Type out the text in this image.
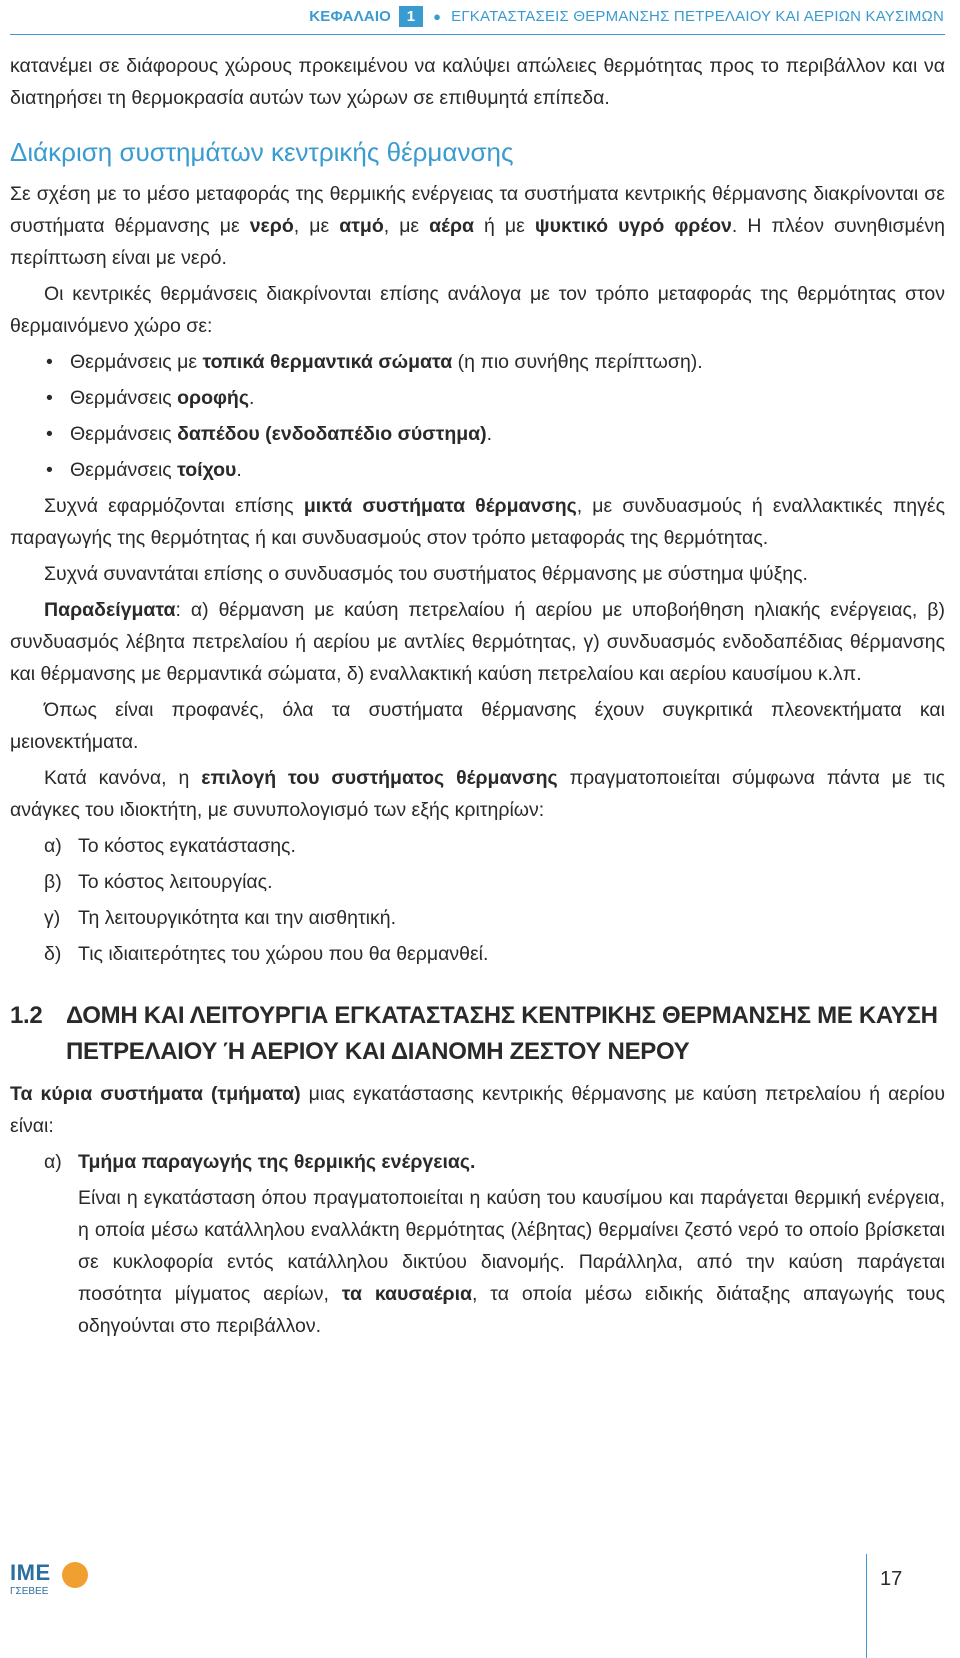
ΚΕΦΑΛΑΙΟ	1	● ΕΓΚΑΤΑΣΤΑΣΕΙΣ ΘΕΡΜΑΝΣΗΣ ΠΕΤΡΕΛΑΙΟΥ ΚΑΙ ΑΕΡΙΩΝ ΚΑΥΣΙΜΩΝ

κατανέμει σε διάφορους χώρους προκειμένου να καλύψει απώλειες θερμότητας προς το περιβάλλον και να διατηρήσει τη θερμοκρασία αυτών των χώρων σε επιθυμητά επίπεδα.

Διάκριση συστημάτων κεντρικής θέρμανσης

Σε σχέση με το μέσο μεταφοράς της θερμικής ενέργειας τα συστήματα κεντρικής θέρμανσης διακρίνονται σε συστήματα θέρμανσης με νερό, με ατμό, με αέρα ή με ψυκτικό υγρό φρέον. Η πλέον συνηθισμένη περίπτωση είναι με νερό.

Οι κεντρικές θερμάνσεις διακρίνονται επίσης ανάλογα με τον τρόπο μεταφοράς της θερμότητας στον θερμαινόμενο χώρο σε:

• Θερμάνσεις με τοπικά θερμαντικά σώματα (η πιο συνήθης περίπτωση).
• Θερμάνσεις οροφής.
• Θερμάνσεις δαπέδου (ενδοδαπέδιο σύστημα).
• Θερμάνσεις τοίχου.

Συχνά εφαρμόζονται επίσης μικτά συστήματα θέρμανσης, με συνδυασμούς ή εναλλακτικές πηγές παραγωγής της θερμότητας ή και συνδυασμούς στον τρόπο μεταφοράς της θερμότητας.

Συχνά συναντάται επίσης ο συνδυασμός του συστήματος θέρμανσης με σύστημα ψύξης.

Παραδείγματα: α) θέρμανση με καύση πετρελαίου ή αερίου με υποβοήθηση ηλιακής ενέργειας, β) συνδυασμός λέβητα πετρελαίου ή αερίου με αντλίες θερμότητας, γ) συνδυασμός ενδοδαπέδιας θέρμανσης και θέρμανσης με θερμαντικά σώματα, δ) εναλλακτική καύση πετρελαίου και αερίου καυσίμου κ.λπ.

Όπως είναι προφανές, όλα τα συστήματα θέρμανσης έχουν συγκριτικά πλεονεκτήματα και μειονεκτήματα.

Κατά κανόνα, η επιλογή του συστήματος θέρμανσης πραγματοποιείται σύμφωνα πάντα με τις ανάγκες του ιδιοκτήτη, με συνυπολογισμό των εξής κριτηρίων:

α) Το κόστος εγκατάστασης.
β) Το κόστος λειτουργίας.
γ) Τη λειτουργικότητα και την αισθητική.
δ) Τις ιδιαιτερότητες του χώρου που θα θερμανθεί.
1.2 ΔΟΜΗ ΚΑΙ ΛΕΙΤΟΥΡΓΙΑ ΕΓΚΑΤΑΣΤΑΣΗΣ ΚΕΝΤΡΙΚΗΣ ΘΕΡΜΑΝΣΗΣ ΜΕ ΚΑΥΣΗ
ΠΕΤΡΕΛΑΙΟΥ Ή ΑΕΡΙΟΥ ΚΑΙ ΔΙΑΝΟΜΗ ΖΕΣΤΟΥ ΝΕΡΟΥ

Τα κύρια συστήματα (τμήματα) μιας εγκατάστασης κεντρικής θέρμανσης με καύση πετρελαίου ή αερίου είναι:

α) Τμήμα παραγωγής της θερμικής ενέργειας.

Είναι η εγκατάσταση όπου πραγματοποιείται η καύση του καυσίμου και παράγεται θερμική ενέργεια, η οποία μέσω κατάλληλου εναλλάκτη θερμότητας (λέβητας) θερμαίνει ζεστό νερό το οποίο βρίσκεται σε κυκλοφορία εντός κατάλληλου δικτύου διανομής. Παράλληλα, από την καύση παράγεται ποσότητα μίγματος αερίων, τα καυσαέρια, τα οποία μέσω ειδικής διάταξης απαγωγής τους οδηγούνται στο περιβάλλον.

ΙΜΕ
ΓΣΕΒΕΕ
17
